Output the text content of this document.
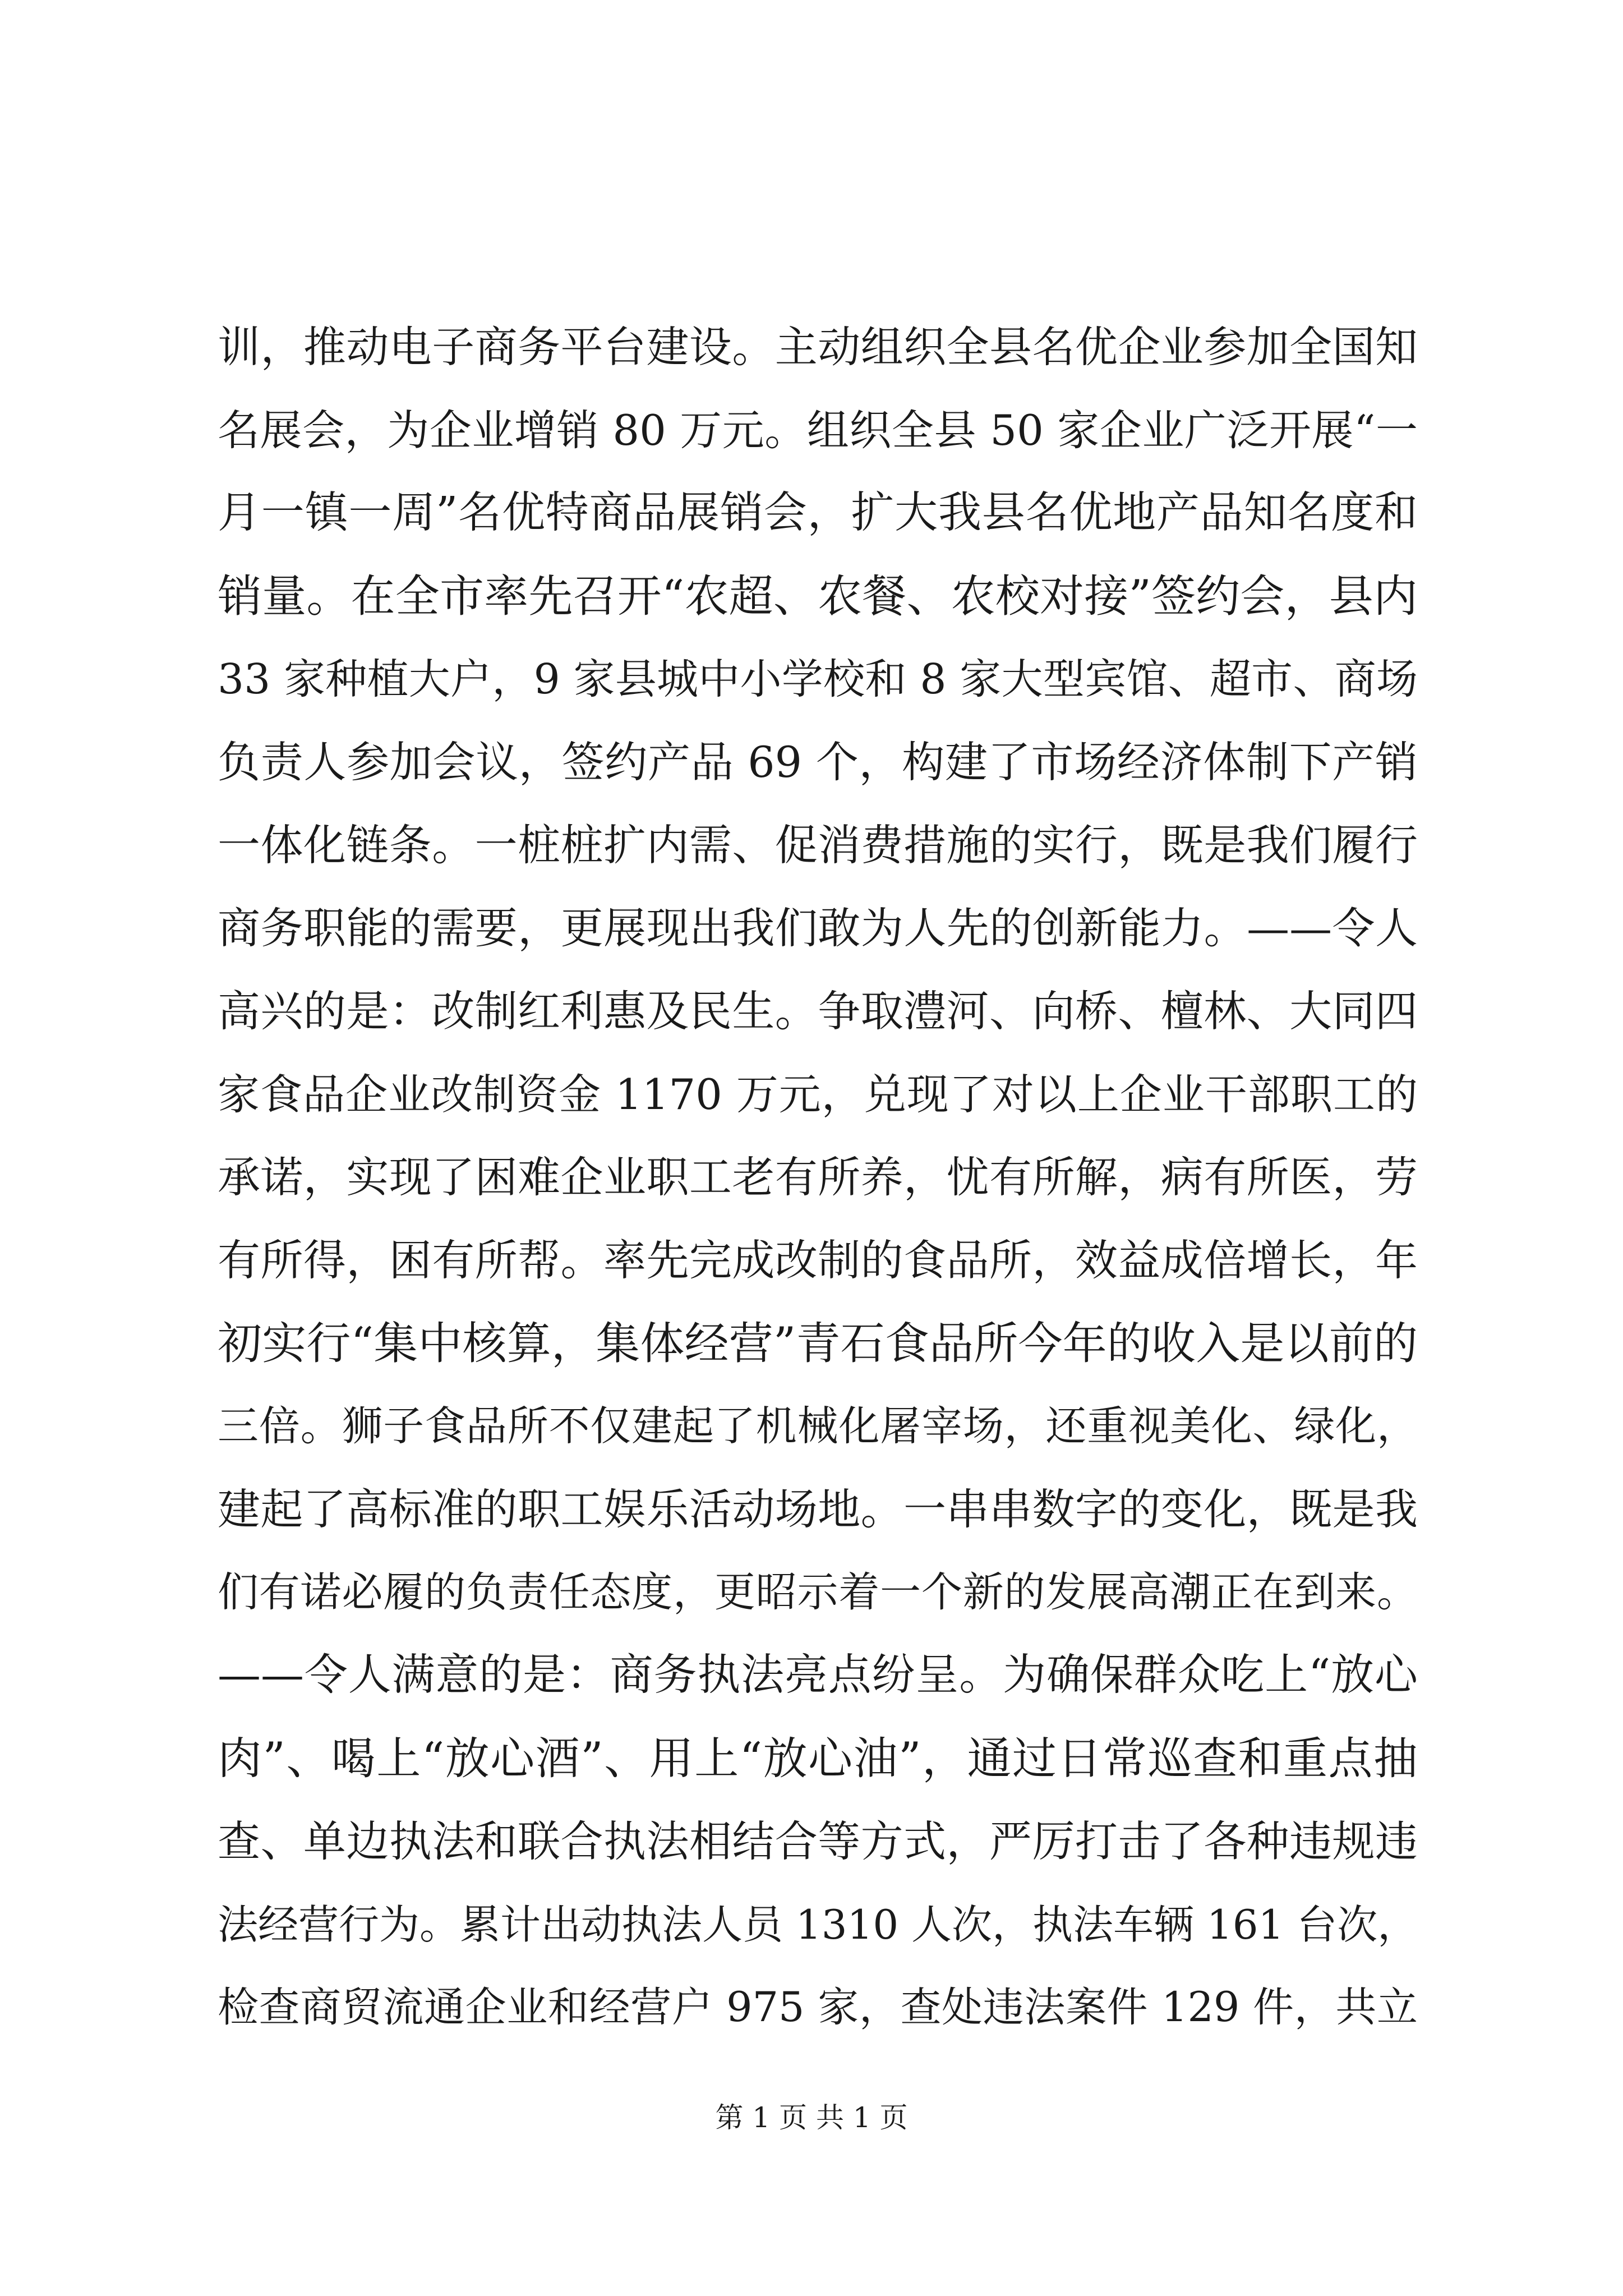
训，推动电子商务平台建设。主动组织全县名优企业参加全国知
名展会，为企业增销 80 万元。组织全县 50 家企业广泛开展“一
月一镇一周”名优特商品展销会，扩大我县名优地产品知名度和
销量。在全市率先召开“农超、农餐、农校对接”签约会，县内
33 家种植大户，9 家县城中小学校和 8 家大型宾馆、超市、商场
负责人参加会议，签约产品 69 个，构建了市场经济体制下产销
一体化链条。一桩桩扩内需、促消费措施的实行，既是我们履行
商务职能的需要，更展现出我们敢为人先的创新能力。——令人
高兴的是：改制红利惠及民生。争取澧河、向桥、檀林、大同四
家食品企业改制资金 1170 万元，兑现了对以上企业干部职工的
承诺，实现了困难企业职工老有所养，忧有所解，病有所医，劳
有所得，困有所帮。率先完成改制的食品所，效益成倍增长，年
初实行“集中核算，集体经营”青石食品所今年的收入是以前的
三倍。狮子食品所不仅建起了机械化屠宰场，还重视美化、绿化，
建起了高标准的职工娱乐活动场地。一串串数字的变化，既是我
们有诺必履的负责任态度，更昭示着一个新的发展高潮正在到来。
——令人满意的是：商务执法亮点纷呈。为确保群众吃上“放心
肉”、喝上“放心酒”、用上“放心油”，通过日常巡查和重点抽
查、单边执法和联合执法相结合等方式，严厉打击了各种违规违
法经营行为。累计出动执法人员 1310 人次，执法车辆 161 台次，
检查商贸流通企业和经营户 975 家，查处违法案件 129 件，共立
第 1 页 共 1 页
